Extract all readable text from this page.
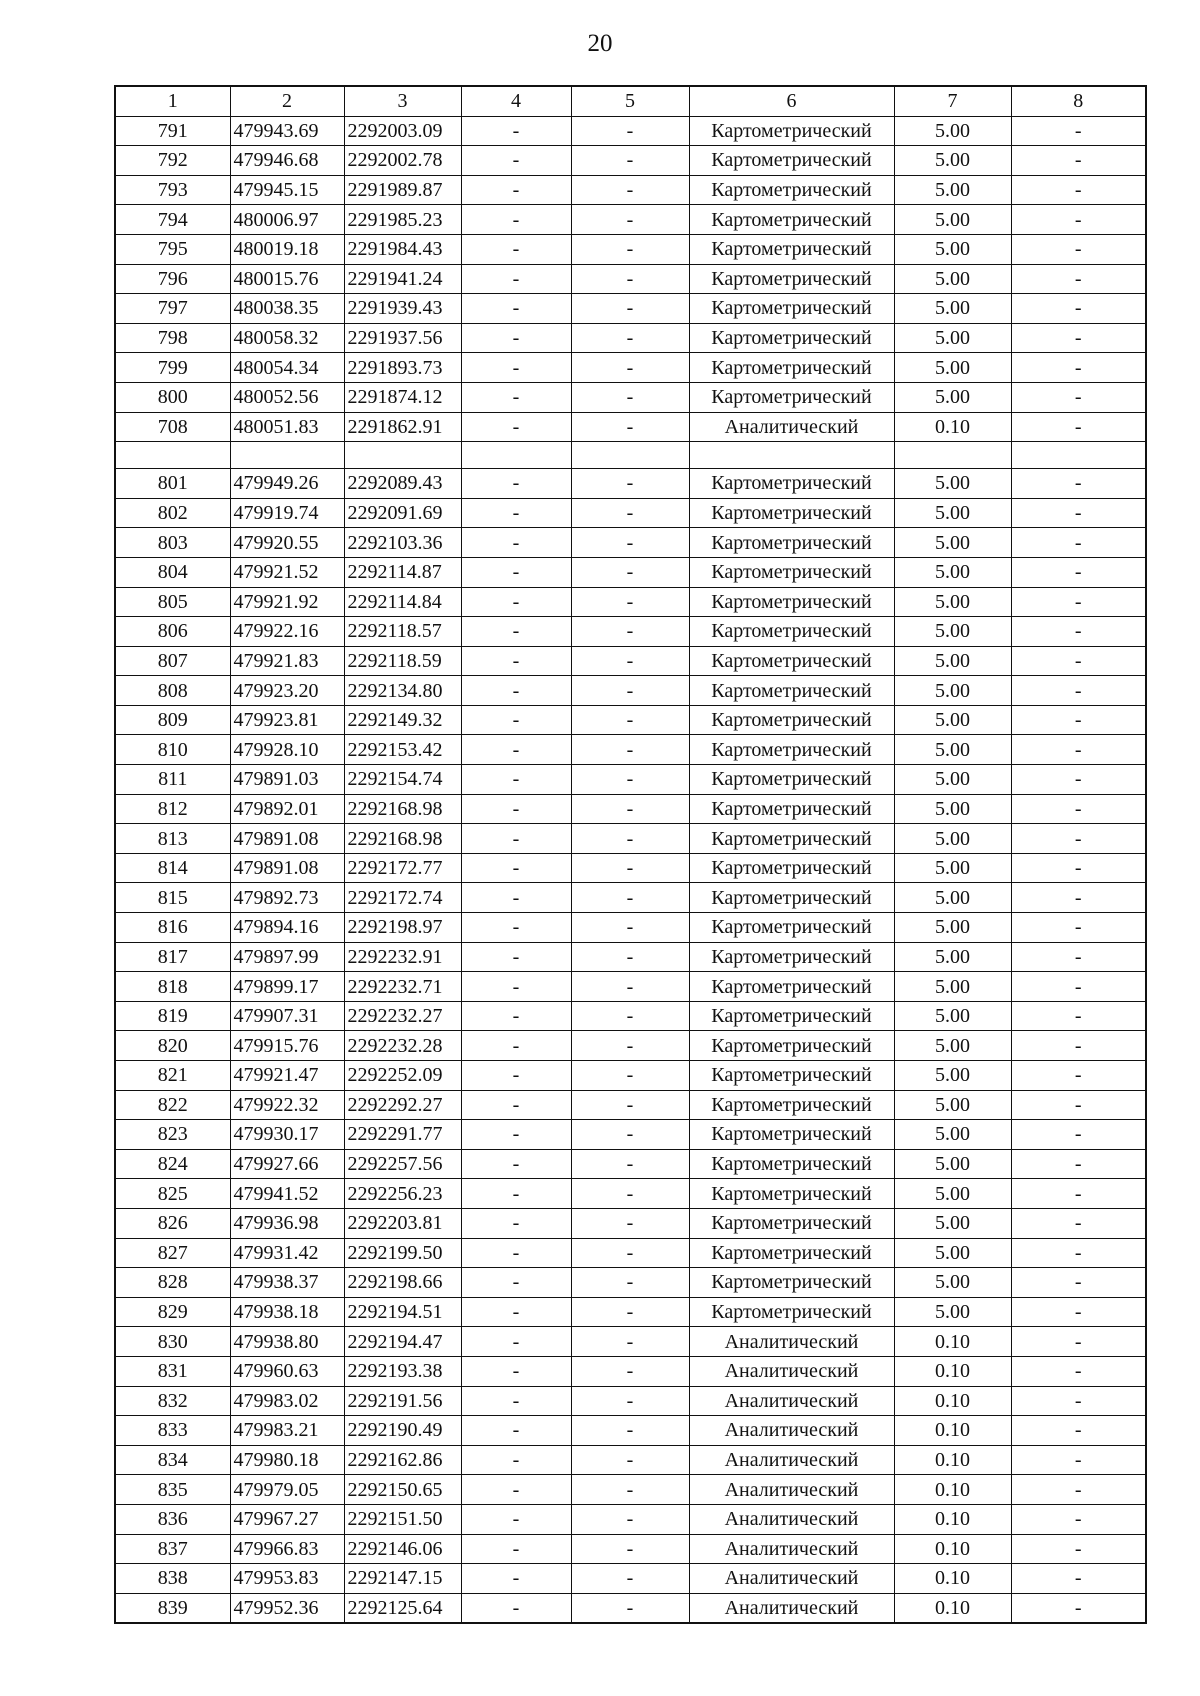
20
1	2	3	4	5	6	7	8
791	479943.69	2292003.09	-	-	Картометрический	5.00	-
792	479946.68	2292002.78	-	-	Картометрический	5.00	-
793	479945.15	2291989.87	-	-	Картометрический	5.00	-
794	480006.97	2291985.23	-	-	Картометрический	5.00	-
795	480019.18	2291984.43	-	-	Картометрический	5.00	-
796	480015.76	2291941.24	-	-	Картометрический	5.00	-
797	480038.35	2291939.43	-	-	Картометрический	5.00	-
798	480058.32	2291937.56	-	-	Картометрический	5.00	-
799	480054.34	2291893.73	-	-	Картометрический	5.00	-
800	480052.56	2291874.12	-	-	Картометрический	5.00	-
708	480051.83	2291862.91	-	-	Аналитический	0.10	-

801	479949.26	2292089.43	-	-	Картометрический	5.00	-
802	479919.74	2292091.69	-	-	Картометрический	5.00	-
803	479920.55	2292103.36	-	-	Картометрический	5.00	-
804	479921.52	2292114.87	-	-	Картометрический	5.00	-
805	479921.92	2292114.84	-	-	Картометрический	5.00	-
806	479922.16	2292118.57	-	-	Картометрический	5.00	-
807	479921.83	2292118.59	-	-	Картометрический	5.00	-
808	479923.20	2292134.80	-	-	Картометрический	5.00	-
809	479923.81	2292149.32	-	-	Картометрический	5.00	-
810	479928.10	2292153.42	-	-	Картометрический	5.00	-
811	479891.03	2292154.74	-	-	Картометрический	5.00	-
812	479892.01	2292168.98	-	-	Картометрический	5.00	-
813	479891.08	2292168.98	-	-	Картометрический	5.00	-
814	479891.08	2292172.77	-	-	Картометрический	5.00	-
815	479892.73	2292172.74	-	-	Картометрический	5.00	-
816	479894.16	2292198.97	-	-	Картометрический	5.00	-
817	479897.99	2292232.91	-	-	Картометрический	5.00	-
818	479899.17	2292232.71	-	-	Картометрический	5.00	-
819	479907.31	2292232.27	-	-	Картометрический	5.00	-
820	479915.76	2292232.28	-	-	Картометрический	5.00	-
821	479921.47	2292252.09	-	-	Картометрический	5.00	-
822	479922.32	2292292.27	-	-	Картометрический	5.00	-
823	479930.17	2292291.77	-	-	Картометрический	5.00	-
824	479927.66	2292257.56	-	-	Картометрический	5.00	-
825	479941.52	2292256.23	-	-	Картометрический	5.00	-
826	479936.98	2292203.81	-	-	Картометрический	5.00	-
827	479931.42	2292199.50	-	-	Картометрический	5.00	-
828	479938.37	2292198.66	-	-	Картометрический	5.00	-
829	479938.18	2292194.51	-	-	Картометрический	5.00	-
830	479938.80	2292194.47	-	-	Аналитический	0.10	-
831	479960.63	2292193.38	-	-	Аналитический	0.10	-
832	479983.02	2292191.56	-	-	Аналитический	0.10	-
833	479983.21	2292190.49	-	-	Аналитический	0.10	-
834	479980.18	2292162.86	-	-	Аналитический	0.10	-
835	479979.05	2292150.65	-	-	Аналитический	0.10	-
836	479967.27	2292151.50	-	-	Аналитический	0.10	-
837	479966.83	2292146.06	-	-	Аналитический	0.10	-
838	479953.83	2292147.15	-	-	Аналитический	0.10	-
839	479952.36	2292125.64	-	-	Аналитический	0.10	-
